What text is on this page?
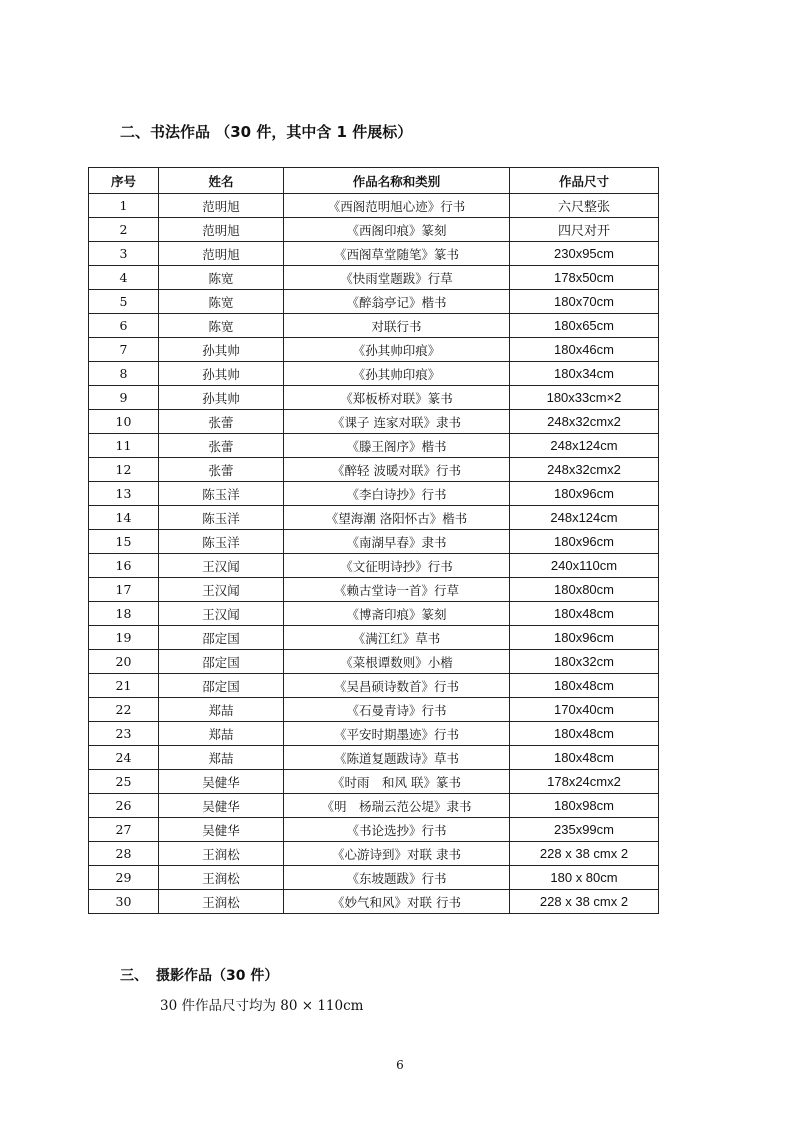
二、书法作品 （30 件，其中含 1 件展标）
序号	姓名	作品名称和类别	作品尺寸
1	范明旭	《西阁范明旭心迹》行书	六尺整张
2	范明旭	《西阁印痕》篆刻	四尺对开
3	范明旭	《西阁草堂随笔》篆书	230x95cm
4	陈宽	《快雨堂题跋》行草	178x50cm
5	陈宽	《醉翁亭记》楷书	180x70cm
6	陈宽	对联行书	180x65cm
7	孙其帅	《孙其帅印痕》	180x46cm
8	孙其帅	《孙其帅印痕》	180x34cm
9	孙其帅	《郑板桥对联》篆书	180x33cm×2
10	张蕾	《课子 连家对联》隶书	248x32cmx2
11	张蕾	《滕王阁序》楷书	248x124cm
12	张蕾	《醉轻 波暖对联》行书	248x32cmx2
13	陈玉洋	《李白诗抄》行书	180x96cm
14	陈玉洋	《望海潮 洛阳怀古》楷书	248x124cm
15	陈玉洋	《南湖早春》隶书	180x96cm
16	王汉闻	《文征明诗抄》行书	240x110cm
17	王汉闻	《赖古堂诗一首》行草	180x80cm
18	王汉闻	《博斋印痕》篆刻	180x48cm
19	邵定国	《满江红》草书	180x96cm
20	邵定国	《菜根谭数则》小楷	180x32cm
21	邵定国	《吴昌硕诗数首》行书	180x48cm
22	郑喆	《石曼青诗》行书	170x40cm
23	郑喆	《平安时期墨迹》行书	180x48cm
24	郑喆	《陈道复题跋诗》草书	180x48cm
25	吴健华	《时雨　和风 联》篆书	178x24cmx2
26	吴健华	《明　杨瑞云范公堤》隶书	180x98cm
27	吴健华	《书论选抄》行书	235x99cm
28	王润松	《心游诗到》对联 隶书	228 x 38 cmx 2
29	王润松	《东坡题跋》行书	180 x 80cm
30	王润松	《妙气和风》对联 行书	228 x 38 cmx 2
三、 摄影作品（30 件）
30 件作品尺寸均为 80 × 110cm
6
